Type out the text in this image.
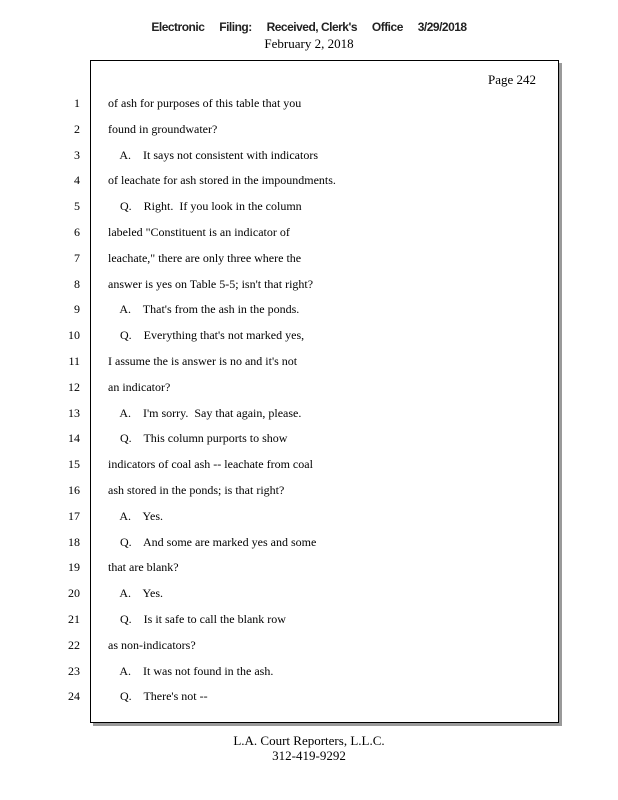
Electronic Filing: Received, Clerk's Office 3/29/2018
February 2, 2018
Page 242
1 of ash for purposes of this table that you
2 found in groundwater?
3 A.    It says not consistent with indicators
4 of leachate for ash stored in the impoundments.
5 Q.    Right.  If you look in the column
6 labeled "Constituent is an indicator of
7 leachate," there are only three where the
8 answer is yes on Table 5-5; isn't that right?
9 A.    That's from the ash in the ponds.
10 Q.    Everything that's not marked yes,
11 I assume the is answer is no and it's not
12 an indicator?
13 A.    I'm sorry.  Say that again, please.
14 Q.    This column purports to show
15 indicators of coal ash -- leachate from coal
16 ash stored in the ponds; is that right?
17 A.    Yes.
18 Q.    And some are marked yes and some
19 that are blank?
20 A.    Yes.
21 Q.    Is it safe to call the blank row
22 as non-indicators?
23 A.    It was not found in the ash.
24 Q.    There's not --
L.A. Court Reporters, L.L.C.
312-419-9292
